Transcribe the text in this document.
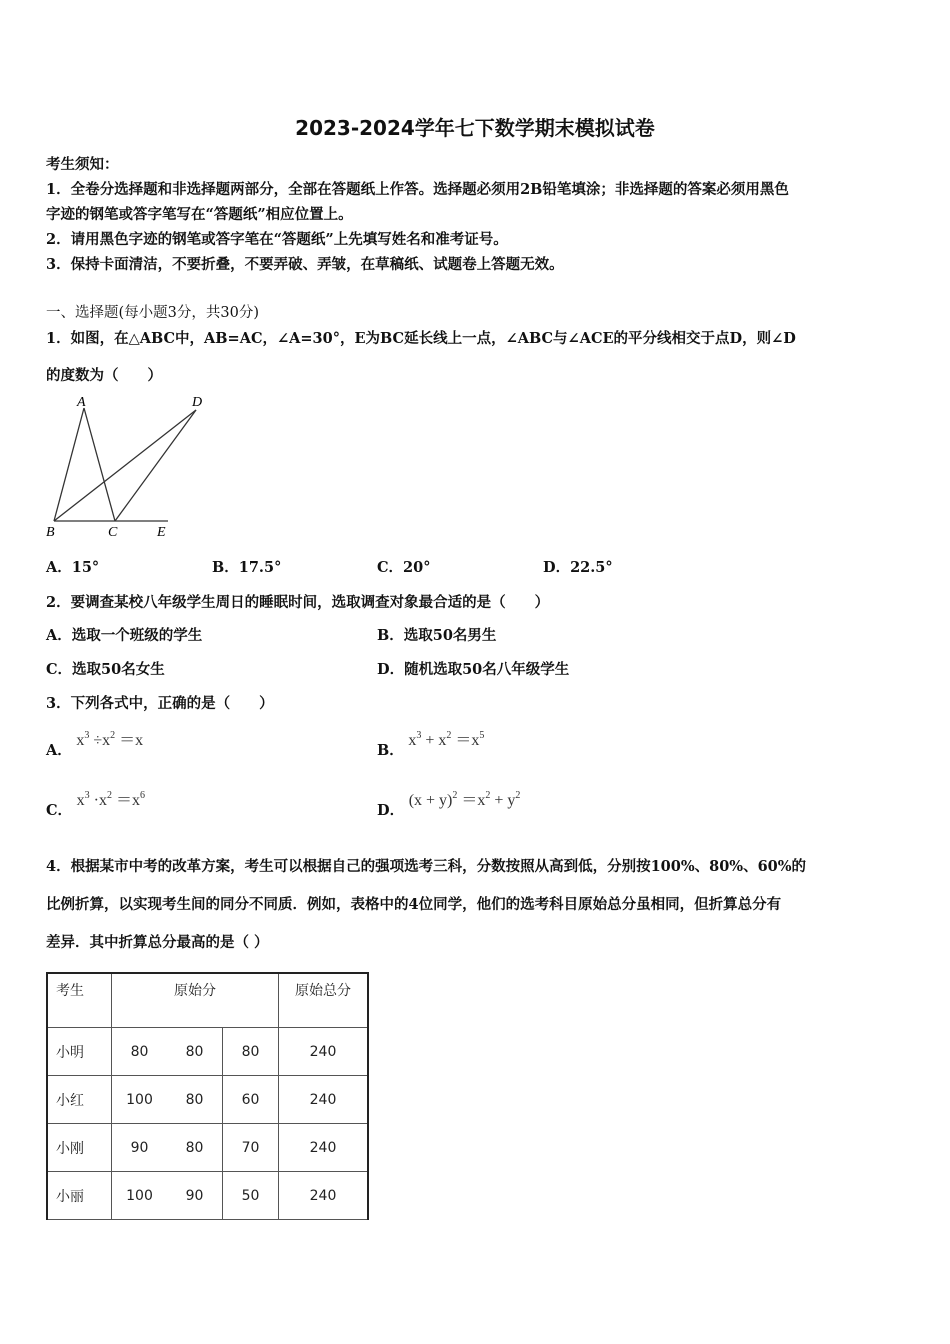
2023-2024学年七下数学期末模拟试卷
考生须知：
1．全卷分选择题和非选择题两部分，全部在答题纸上作答。选择题必须用2B铅笔填涂；非选择题的答案必须用黑色
字迹的钢笔或答字笔写在“答题纸”相应位置上。
2．请用黑色字迹的钢笔或答字笔在“答题纸”上先填写姓名和准考证号。
3．保持卡面清洁，不要折叠，不要弄破、弄皱，在草稿纸、试题卷上答题无效。
一、选择题(每小题3分，共30分)
1．如图，在△ABC中，AB=AC，∠A=30°，E为BC延长线上一点，∠ABC与∠ACE的平分线相交于点D，则∠D
的度数为（　　）
A	D
B	C	E
A．15°	B．17.5°	C．20°	D．22.5°
2．要调查某校八年级学生周日的睡眠时间，选取调查对象最合适的是（　　）
A．选取一个班级的学生	B．选取50名男生
C．选取50名女生	D．随机选取50名八年级学生
3．下列各式中，正确的是（　　）
A． $x^3 \div x^2 =x$
B． $x^3 + x^2 =x^5$
C． $x^3 \cdot x^2 =x^6$
D． $(x + y)^2 =x^2 + y^2$
4．根据某市中考的改革方案，考生可以根据自己的强项选考三科，分数按照从高到低，分别按100%、80%、60%的
比例折算，以实现考生间的同分不同质．例如，表格中的4位同学，他们的选考科目原始总分虽相同，但折算总分有
差异．其中折算总分最高的是（ ）
考生	原始分			原始总分
小明	80	80	80	240
小红	100	80	60	240
小刚	90	80	70	240
小丽	100	90	50	240
